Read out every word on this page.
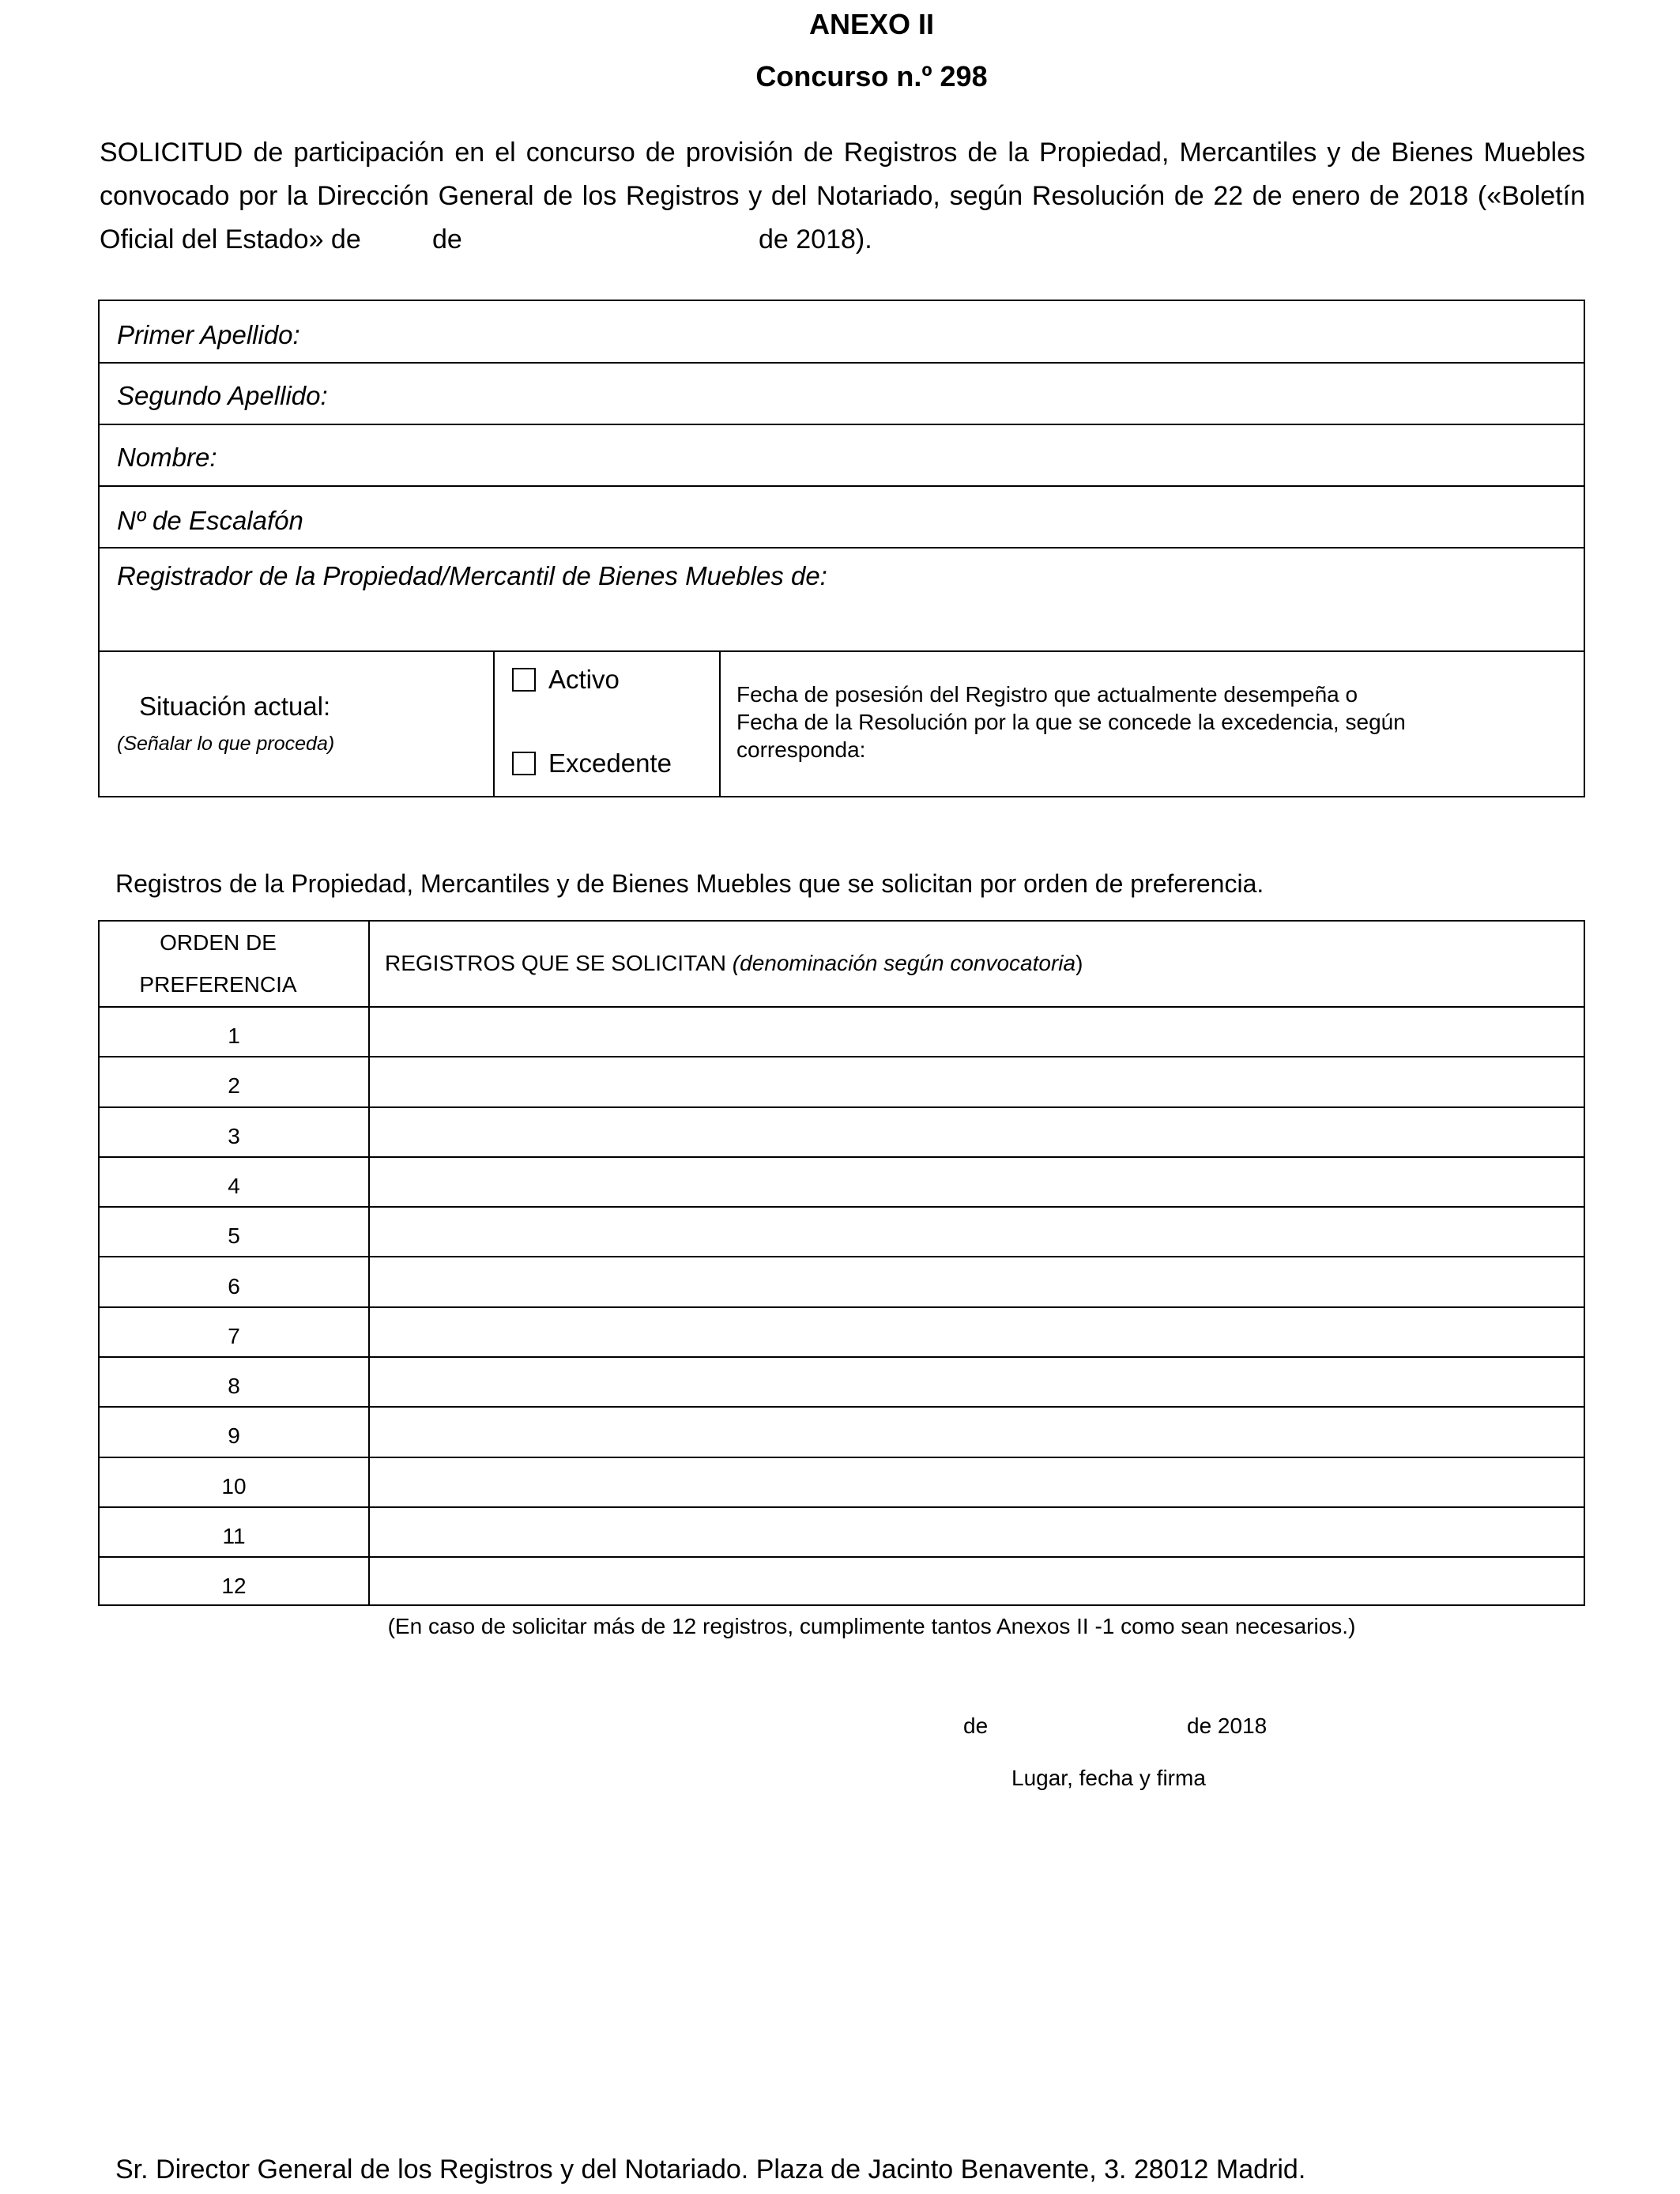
ANEXO II
Concurso n.º 298
SOLICITUD de participación en el concurso de provisión de Registros de la Propiedad, Mercantiles y de Bienes Muebles
convocado por la Dirección General de los Registros y del Notariado, según Resolución de 22 de enero de 2018 («Boletín
Oficial del Estado» de	de	de 2018).
Primer Apellido:
Segundo Apellido:
Nombre:
Nº de Escalafón
Registrador de la Propiedad/Mercantil de Bienes Muebles de:
Situación actual:
(Señalar lo que proceda)
Activo
Excedente
Fecha de posesión del Registro que actualmente desempeña o
Fecha de la Resolución por la que se concede la excedencia, según
corresponda:
Registros de la Propiedad, Mercantiles y de Bienes Muebles que se solicitan por orden de preferencia.
ORDEN DE
PREFERENCIA
REGISTROS QUE SE SOLICITAN (denominación según convocatoria)
1
2
3
4
5
6
7
8
9
10
11
12
(En caso de solicitar más de 12 registros, cumplimente tantos Anexos II -1 como sean necesarios.)
de	de 2018
Lugar, fecha y firma
Sr. Director General de los Registros y del Notariado. Plaza de Jacinto Benavente, 3. 28012 Madrid.
